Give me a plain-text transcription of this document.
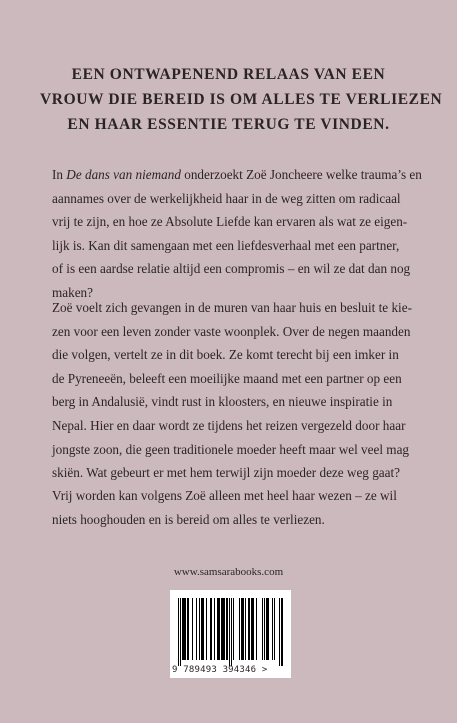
EEN ONTWAPENEND RELAAS VAN EEN
VROUW DIE BEREID IS OM ALLES TE VERLIEZEN
EN HAAR ESSENTIE TERUG TE VINDEN.
In De dans van niemand onderzoekt Zoë Joncheere welke trauma’s en
aannames over de werkelijkheid haar in de weg zitten om radicaal
vrij te zijn, en hoe ze Absolute Liefde kan ervaren als wat ze eigen-
lijk is. Kan dit samengaan met een liefdesverhaal met een partner,
of is een aardse relatie altijd een compromis – en wil ze dat dan nog
maken?
Zoë voelt zich gevangen in de muren van haar huis en besluit te kie-
zen voor een leven zonder vaste woonplek. Over de negen maanden
die volgen, vertelt ze in dit boek. Ze komt terecht bij een imker in
de Pyreneeën, beleeft een moeilijke maand met een partner op een
berg in Andalusië, vindt rust in kloosters, en nieuwe inspiratie in
Nepal. Hier en daar wordt ze tijdens het reizen vergezeld door haar
jongste zoon, die geen traditionele moeder heeft maar wel veel mag
skiën. Wat gebeurt er met hem terwijl zijn moeder deze weg gaat?
Vrij worden kan volgens Zoë alleen met heel haar wezen – ze wil
niets hooghouden en is bereid om alles te verliezen.
www.samsarabooks.com
9 789493 394346 >
